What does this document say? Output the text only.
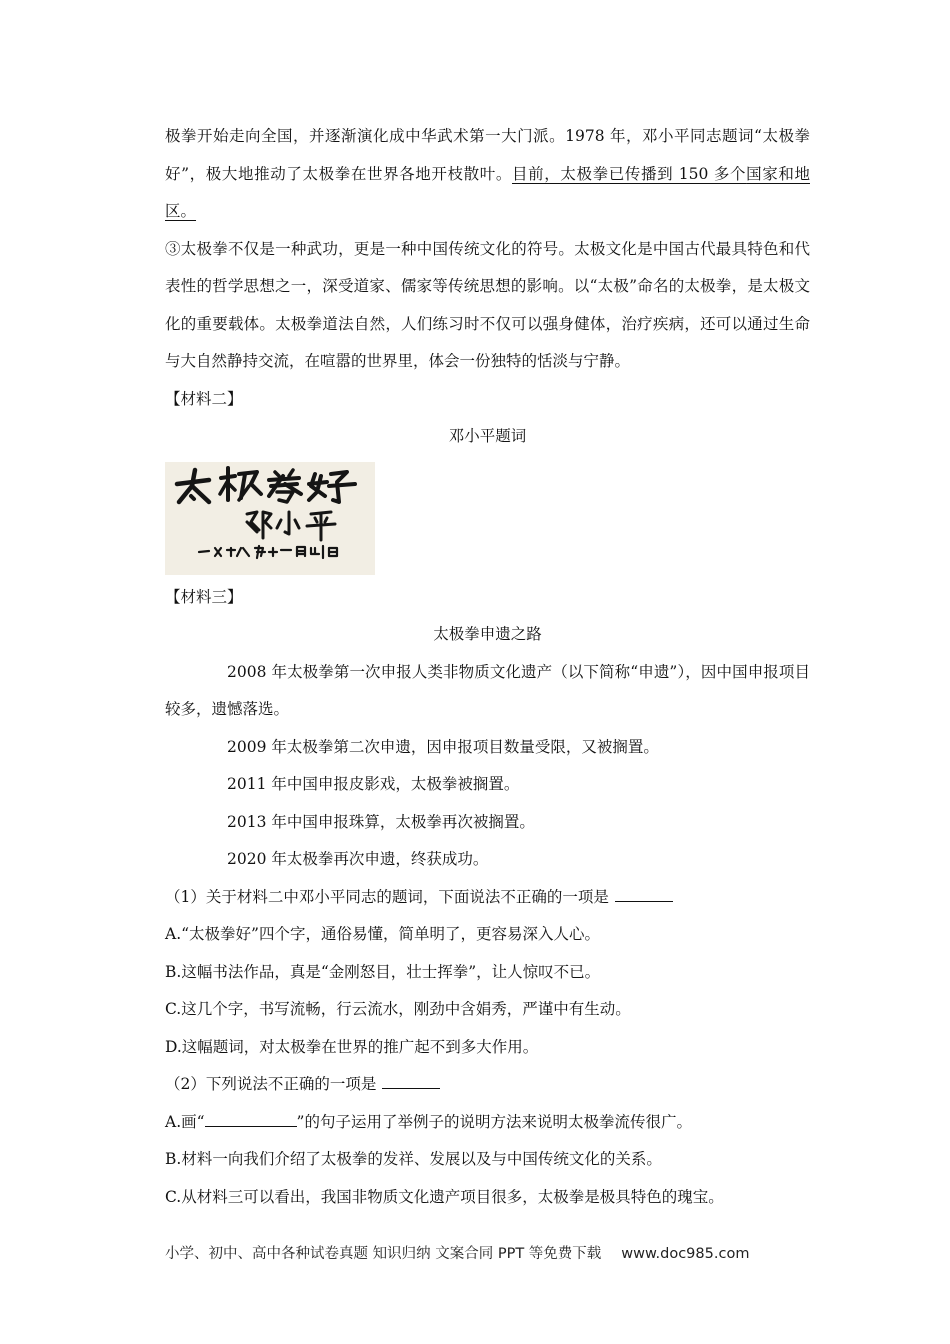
极拳开始走向全国，并逐渐演化成中华武术第一大门派。1978 年，邓小平同志题词“太极拳好”，极大地推动了太极拳在世界各地开枝散叶。目前，太极拳已传播到 150 多个国家和地区。

③太极拳不仅是一种武功，更是一种中国传统文化的符号。太极文化是中国古代最具特色和代表性的哲学思想之一，深受道家、儒家等传统思想的影响。以“太极”命名的太极拳，是太极文化的重要载体。太极拳道法自然，人们练习时不仅可以强身健体，治疗疾病，还可以通过生命与大自然静持交流，在喧嚣的世界里，体会一份独特的恬淡与宁静。

【材料二】

邓小平题词

【材料三】

太极拳申遗之路

2008 年太极拳第一次申报人类非物质文化遗产（以下简称“申遗”），因中国申报项目较多，遗憾落选。

2009 年太极拳第二次申遗，因申报项目数量受限，又被搁置。

2011 年中国申报皮影戏，太极拳被搁置。

2013 年中国申报珠算，太极拳再次被搁置。

2020 年太极拳再次申遗，终获成功。

（1）关于材料二中邓小平同志的题词，下面说法不正确的一项是

A.“太极拳好”四个字，通俗易懂，简单明了，更容易深入人心。

B.这幅书法作品，真是“金刚怒目，壮士挥拳”，让人惊叹不已。

C.这几个字，书写流畅，行云流水，刚劲中含娟秀，严谨中有生动。

D.这幅题词，对太极拳在世界的推广起不到多大作用。

（2）下列说法不正确的一项是

A.画“	”的句子运用了举例子的说明方法来说明太极拳流传很广。

B.材料一向我们介绍了太极拳的发祥、发展以及与中国传统文化的关系。

C.从材料三可以看出，我国非物质文化遗产项目很多，太极拳是极具特色的瑰宝。

小学、初中、高中各种试卷真题 知识归纳 文案合同 PPT 等免费下载 www.doc985.com
